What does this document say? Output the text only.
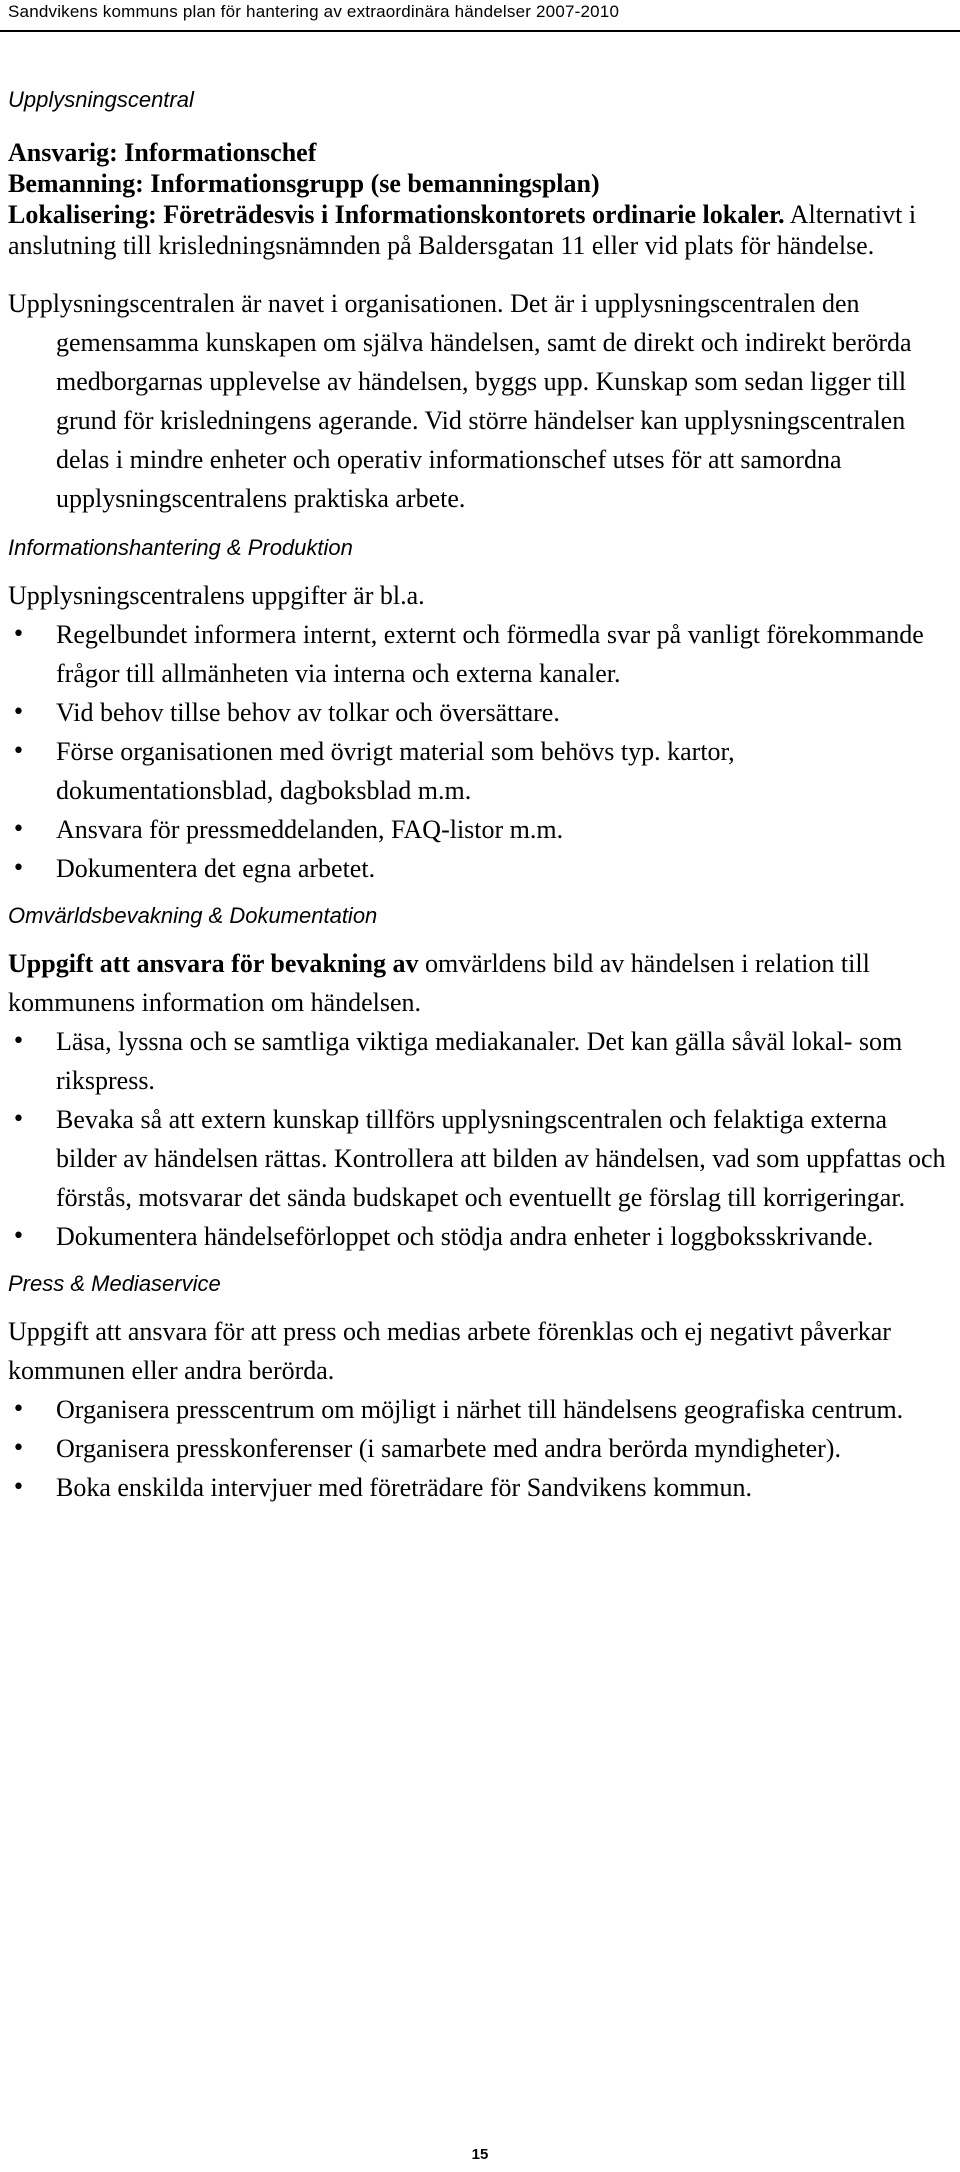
Sandvikens kommuns plan för hantering av extraordinära händelser 2007-2010

Upplysningscentral

Ansvarig: Informationschef

Bemanning: Informationsgrupp (se bemanningsplan)

Lokalisering: Företrädesvis i Informationskontorets ordinarie lokaler. Alternativt i anslutning till krisledningsnämnden på Baldersgatan 11 eller vid plats för händelse.

Upplysningscentralen är navet i organisationen. Det är i upplysningscentralen den gemensamma kunskapen om själva händelsen, samt de direkt och indirekt berörda medborgarnas upplevelse av händelsen, byggs upp. Kunskap som sedan ligger till grund för krisledningens agerande. Vid större händelser kan upplysningscentralen delas i mindre enheter och operativ informationschef utses för att samordna upplysningscentralens praktiska arbete.

Informationshantering & Produktion

Upplysningscentralens uppgifter är bl.a.

• Regelbundet informera internt, externt och förmedla svar på vanligt förekommande frågor till allmänheten via interna och externa kanaler.
• Vid behov tillse behov av tolkar och översättare.
• Förse organisationen med övrigt material som behövs typ. kartor, dokumentationsblad, dagboksblad m.m.
• Ansvara för pressmeddelanden, FAQ-listor m.m.
• Dokumentera det egna arbetet.

Omvärldsbevakning & Dokumentation

Uppgift att ansvara för bevakning av omvärldens bild av händelsen i relation till kommunens information om händelsen.

• Läsa, lyssna och se samtliga viktiga mediakanaler. Det kan gälla såväl lokal- som rikspress.
• Bevaka så att extern kunskap tillförs upplysningscentralen och felaktiga externa bilder av händelsen rättas. Kontrollera att bilden av händelsen, vad som uppfattas och förstås, motsvarar det sända budskapet och eventuellt ge förslag till korrigeringar.
• Dokumentera händelseförloppet och stödja andra enheter i loggboksskrivande.

Press & Mediaservice

Uppgift att ansvara för att press och medias arbete förenklas och ej negativt påverkar kommunen eller andra berörda.

• Organisera presscentrum om möjligt i närhet till händelsens geografiska centrum.
• Organisera presskonferenser (i samarbete med andra berörda myndigheter).
• Boka enskilda intervjuer med företrädare för Sandvikens kommun.
15
